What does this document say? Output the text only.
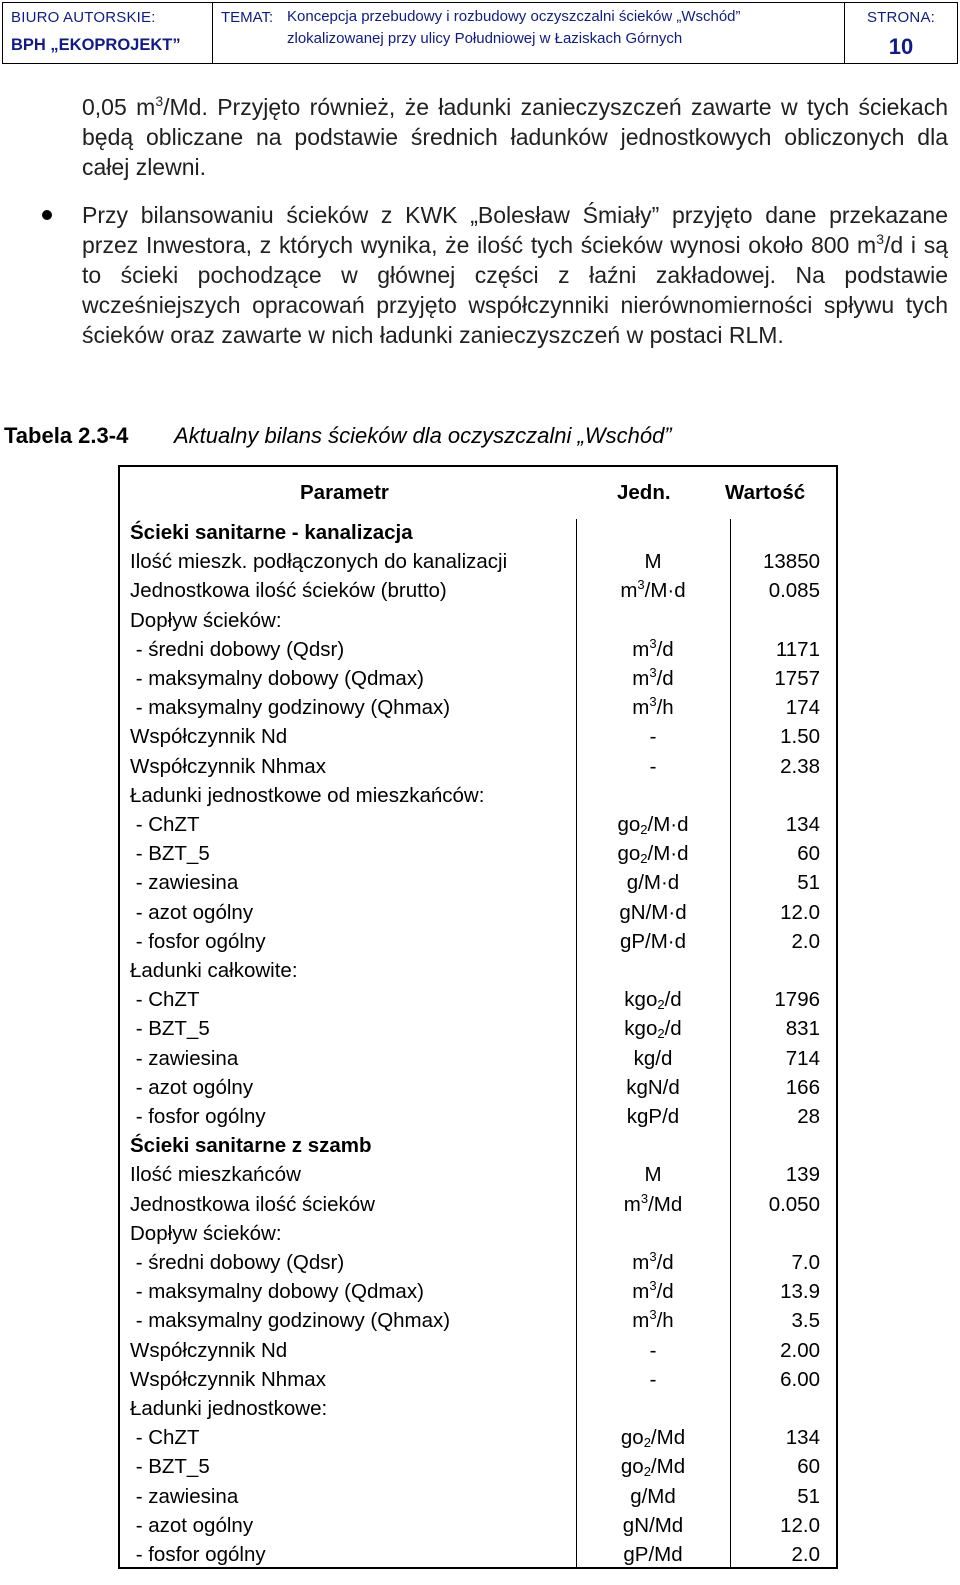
BIURO AUTORSKIE:
BPH „EKOPROJEKT”
TEMAT: Koncepcja przebudowy i rozbudowy oczyszczalni ścieków „Wschód”
zlokalizowanej przy ulicy Południowej w Łaziskach Górnych
STRONA:
10
0,05 $m^3/Md$. Przyjęto również, że ładunki zanieczyszczeń zawarte w tych ściekach będą obliczane na podstawie średnich ładunków jednostkowych obliczonych dla całej zlewni.
Przy bilansowaniu ścieków z KWK „Bolesław Śmiały” przyjęto dane przekazane przez Inwestora, z których wynika, że ilość tych ścieków wynosi około 800 $m^3/d$ i są to ścieki pochodzące w głównej części z łaźni zakładowej. Na podstawie wcześniejszych opracowań przyjęto współczynniki nierównomierności spływu tych ścieków oraz zawarte w nich ładunki zanieczyszczeń w postaci RLM.
Tabela 2.3-4 Aktualny bilans ścieków dla oczyszczalni „Wschód”
Parametr	Jedn.	Wartość
Ścieki sanitarne - kanalizacja
Ilość mieszk. podłączonych do kanalizacji	M	13850
Jednostkowa ilość ścieków (brutto)	$m^3/M\cdot d$	0.085
Dopływ ścieków:
- średni dobowy (Qdsr)	$m^3/d$	1171
- maksymalny dobowy (Qdmax)	$m^3/d$	1757
- maksymalny godzinowy (Qhmax)	$m^3/h$	174
Współczynnik Nd	-	1.50
Współczynnik Nhmax	-	2.38
Ładunki jednostkowe od mieszkańców:
- ChZT	$go_2/M\cdot d$	134
- BZT_5	$go_2/M\cdot d$	60
- zawiesina	g/M·d	51
- azot ogólny	gN/M·d	12.0
- fosfor ogólny	gP/M·d	2.0
Ładunki całkowite:
- ChZT	kgo$_2$/d	1796
- BZT_5	kgo$_2$/d	831
- zawiesina	kg/d	714
- azot ogólny	kgN/d	166
- fosfor ogólny	kgP/d	28
Ścieki sanitarne z szamb
Ilość mieszkańców	M	139
Jednostkowa ilość ścieków	$m^3/Md$	0.050
Dopływ ścieków:
- średni dobowy (Qdsr)	$m^3/d$	7.0
- maksymalny dobowy (Qdmax)	$m^3/d$	13.9
- maksymalny godzinowy (Qhmax)	$m^3/h$	3.5
Współczynnik Nd	-	2.00
Współczynnik Nhmax	-	6.00
Ładunki jednostkowe:
- ChZT	$go_2/Md$	134
- BZT_5	$go_2/Md$	60
- zawiesina	g/Md	51
- azot ogólny	gN/Md	12.0
- fosfor ogólny	gP/Md	2.0
